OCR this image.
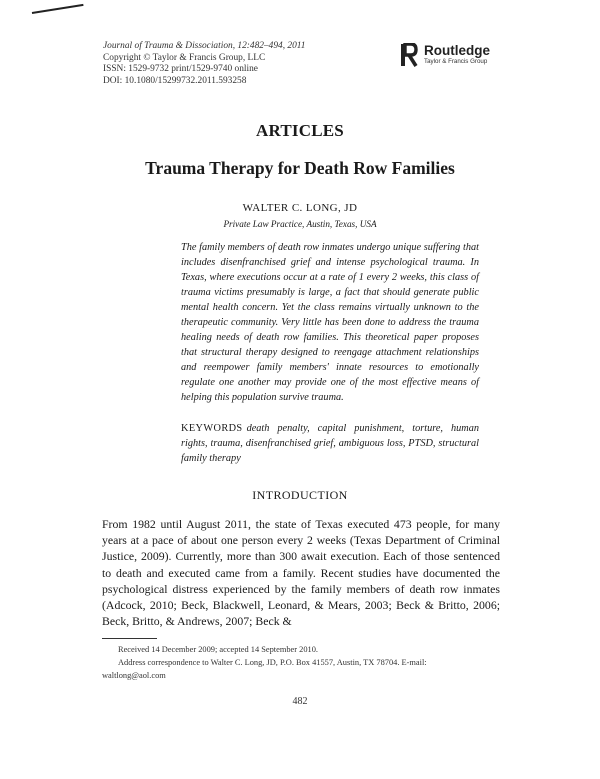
Journal of Trauma & Dissociation, 12:482–494, 2011
Copyright © Taylor & Francis Group, LLC
ISSN: 1529-9732 print/1529-9740 online
DOI: 10.1080/15299732.2011.593258
Routledge
Taylor & Francis Group
ARTICLES
Trauma Therapy for Death Row Families
WALTER C. LONG, JD
Private Law Practice, Austin, Texas, USA
The family members of death row inmates undergo unique suffering that includes disenfranchised grief and intense psychological trauma. In Texas, where executions occur at a rate of 1 every 2 weeks, this class of trauma victims presumably is large, a fact that should generate public mental health concern. Yet the class remains virtually unknown to the therapeutic community. Very little has been done to address the trauma healing needs of death row families. This theoretical paper proposes that structural therapy designed to reengage attachment relationships and reempower family members' innate resources to emotionally regulate one another may provide one of the most effective means of helping this population survive trauma.
KEYWORDS death penalty, capital punishment, torture, human rights, trauma, disenfranchised grief, ambiguous loss, PTSD, structural family therapy
INTRODUCTION
From 1982 until August 2011, the state of Texas executed 473 people, for many years at a pace of about one person every 2 weeks (Texas Department of Criminal Justice, 2009). Currently, more than 300 await execution. Each of those sentenced to death and executed came from a family. Recent studies have documented the psychological distress experienced by the family members of death row inmates (Adcock, 2010; Beck, Blackwell, Leonard, & Mears, 2003; Beck & Britto, 2006; Beck, Britto, & Andrews, 2007; Beck &
Received 14 December 2009; accepted 14 September 2010.
Address correspondence to Walter C. Long, JD, P.O. Box 41557, Austin, TX 78704. E-mail:
waltlong@aol.com
482
